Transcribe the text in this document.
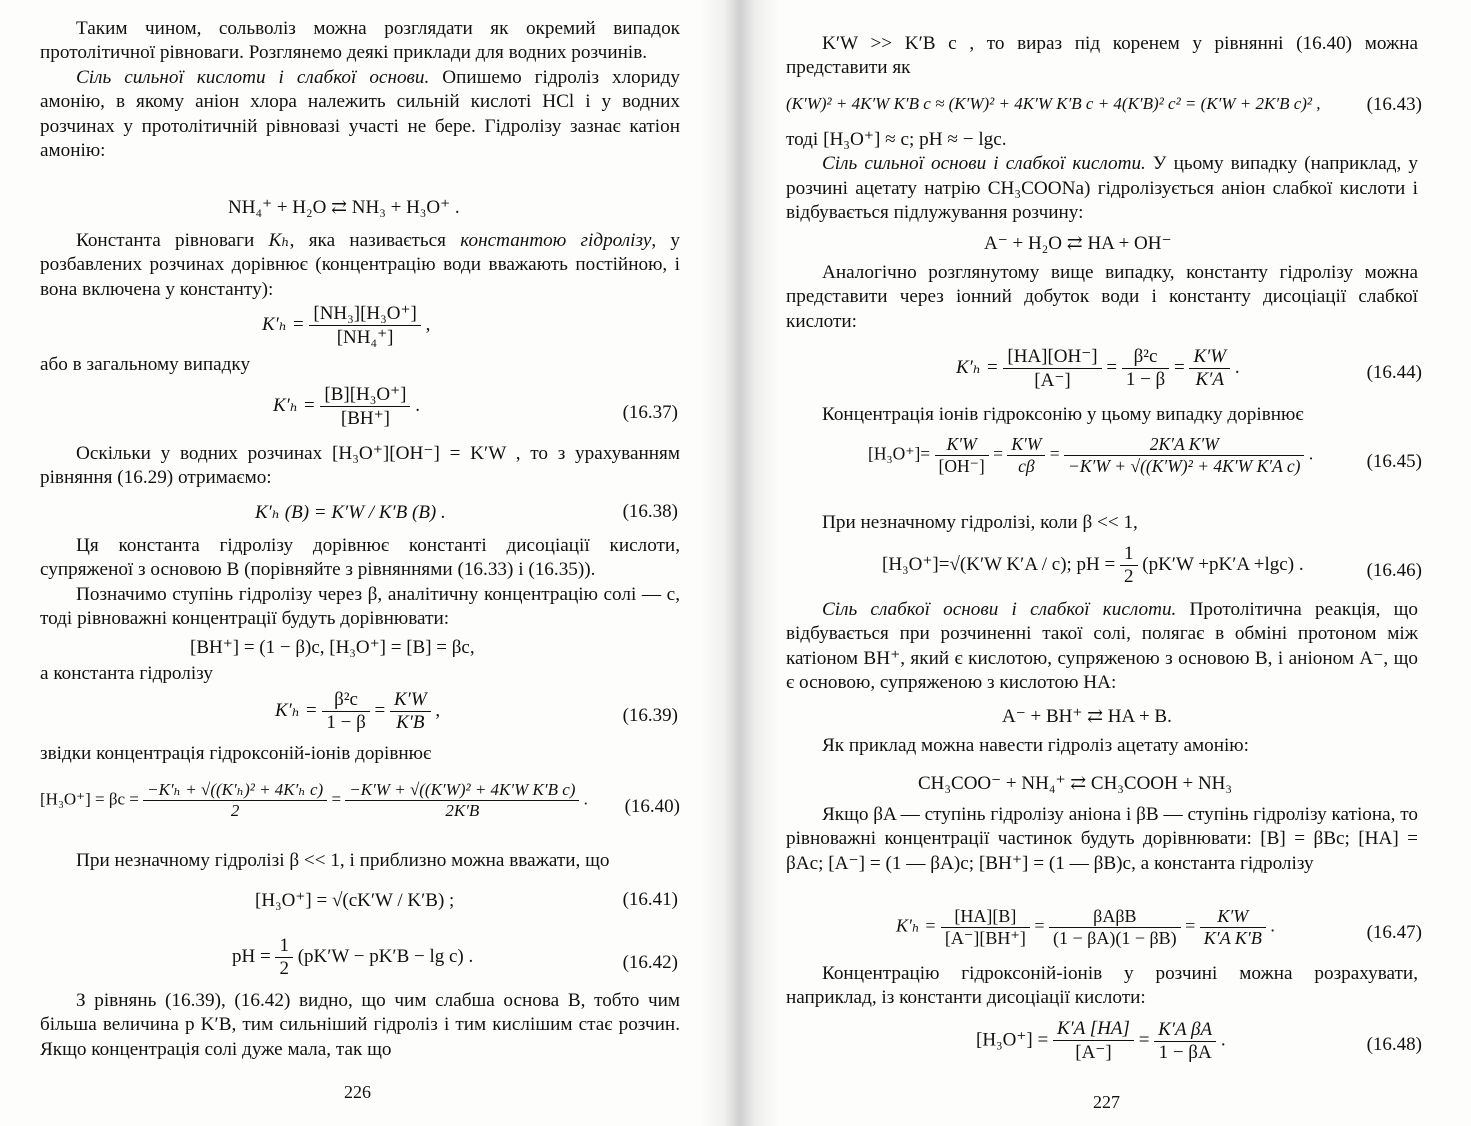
Таким чином, сольволіз можна розглядати як окремий випадок протолітичної рівноваги. Розглянемо деякі приклади для водних розчинів.

Сіль сильної кислоти і слабкої основи. Опишемо гідроліз хлориду амонію, в якому аніон хлора належить сильній кислоті HCl і у водних розчинах у протолітичній рівновазі участі не бере. Гідролізу зазнає катіон амонію:

NH₄⁺ + H₂O ⇄ NH₃ + H₃O⁺ .

Константа рівноваги Kₕ, яка називається константою гідролізу, у розбавлених розчинах дорівнює (концентрацію води вважають постійною, і вона включена у константу):

$K'_h = \frac{\text{[NH₃][H₃O⁺]}}{\text{[NH₄⁺]}}$ ,

або в загальному випадку

$K'_h = \frac{\text{[B][H₃O⁺]}}{[BH^+]}$ .	(16.37)

Оскільки у водних розчинах [H₃O⁺][OH⁻] = K′W , то з урахуванням рівняння (16.29) отримаємо:

K′ₕ (B) = K′W / K′B (B) .	(16.38)

Ця константа гідролізу дорівнює константі дисоціації кислоти, супряженої з основою B (порівняйте з рівняннями (16.33) і (16.35)).

Позначимо ступінь гідролізу через β, аналітичну концентрацію солі — c, тоді рівноважні концентрації будуть дорівнювати:

[BH⁺] = (1 − β)c, [H₃O⁺] = [B] = βc,

а константа гідролізу

$K'_h = \frac{\text{β²c}}{1 - \beta} = \frac{K'W}{K'B}$ ,	(16.39)

звідки концентрація гідроксоній-іонів дорівнює

$[H_3O^+] = \beta c = \frac{\text{−K′ₕ + √((K′ₕ)² + 4K′ₕ c)}}{2} = \frac{\text{−K′W + √((K′W)² + 4K′W K′B c)}}{2K'B}$ . (16.40)

При незначному гідролізі β << 1, і приблизно можна вважати, що

[H₃O⁺] = √(cK′W / K′B) ;	(16.41)
pH = $\frac{1}{2} (pK'W - pK'B - \lg c)$ .	(16.42)

З рівнянь (16.39), (16.42) видно, що чим слабша основа B, тобто чим більша величина p K′B, тим сильніший гідроліз і тим кислішим стає розчин. Якщо концентрація солі дуже мала, так що

226

K′W >> K′B c , то вираз під коренем у рівнянні (16.40) можна представити як

(K′W)² + 4K′W K′B c ≈ (K′W)² + 4K′W K′B c + 4(K′B)² c² = (K′W + 2K′B c)² , (16.43)

тоді [H₃O⁺] ≈ c; pH ≈ − lgc.

Сіль сильної основи і слабкої кислоти. У цьому випадку (наприклад, у розчині ацетату натрію CH₃COONa) гідролізується аніон слабкої кислоти і відбувається підлужування розчину:

A⁻ + H₂O ⇄ HA + OH⁻

Аналогічно розглянутому вище випадку, константу гідролізу можна представити через іонний добуток води і константу дисоціації слабкої кислоти:

$K'_h = \frac{[HA][OH^-]}{[A^-]} = \frac{\text{β²c}}{1 - \beta} = \frac{K'W}{K'A}$ .	(16.44)

Концентрація іонів гідроксонію у цьому випадку дорівнює

$[H_3O^+]= \frac{K'W}{[OH^-]} = \frac{K'W}{c\beta} = \frac{\text{2K′A K′W}}{\text{−K′W + √((K′W)² + 4K′W K′A c)}}$ .	(16.45)

При незначному гідролізі, коли β << 1,

[H₃O⁺]=√(K′W K′A / c); pH = $\frac{1}{2} (pK'W +pK'A +\lg c)$ .	(16.46)

Сіль слабкої основи і слабкої кислоти. Протолітична реакція, що відбувається при розчиненні такої солі, полягає в обміні протоном між катіоном BH⁺, який є кислотою, супряженою з основою B, і аніоном A⁻, що є основою, супряженою з кислотою HA:

A⁻ + BH⁺ ⇄ HA + B.

Як приклад можна навести гідроліз ацетату амонію:

CH₃COO⁻ + NH₄⁺ ⇄ CH₃COOH + NH₃

Якщо βA — ступінь гідролізу аніона і βB — ступінь гідролізу катіона, то рівноважні концентрації частинок будуть дорівнювати: [B] = βBc; [HA] = βAc; [A⁻] = (1 — βA)c; [BH⁺] = (1 — βB)c, а константа гідролізу

$K'_h = \frac{[HA][B]}{[A^-][BH^+]} = \frac{\text{βAβB}}{(1 - \beta A)(1 - \beta B)} = \frac{K'W}{\text{K′A K′B}}$ .	(16.47)

Концентрацію гідроксоній-іонів у розчині можна розрахувати, наприклад, із константи дисоціації кислоти:

$[H_3O^+] = \frac{K'A [HA]}{[A^-]} = \frac{\text{K′A βA}}{1 - \beta A}$ .	(16.48)
227
